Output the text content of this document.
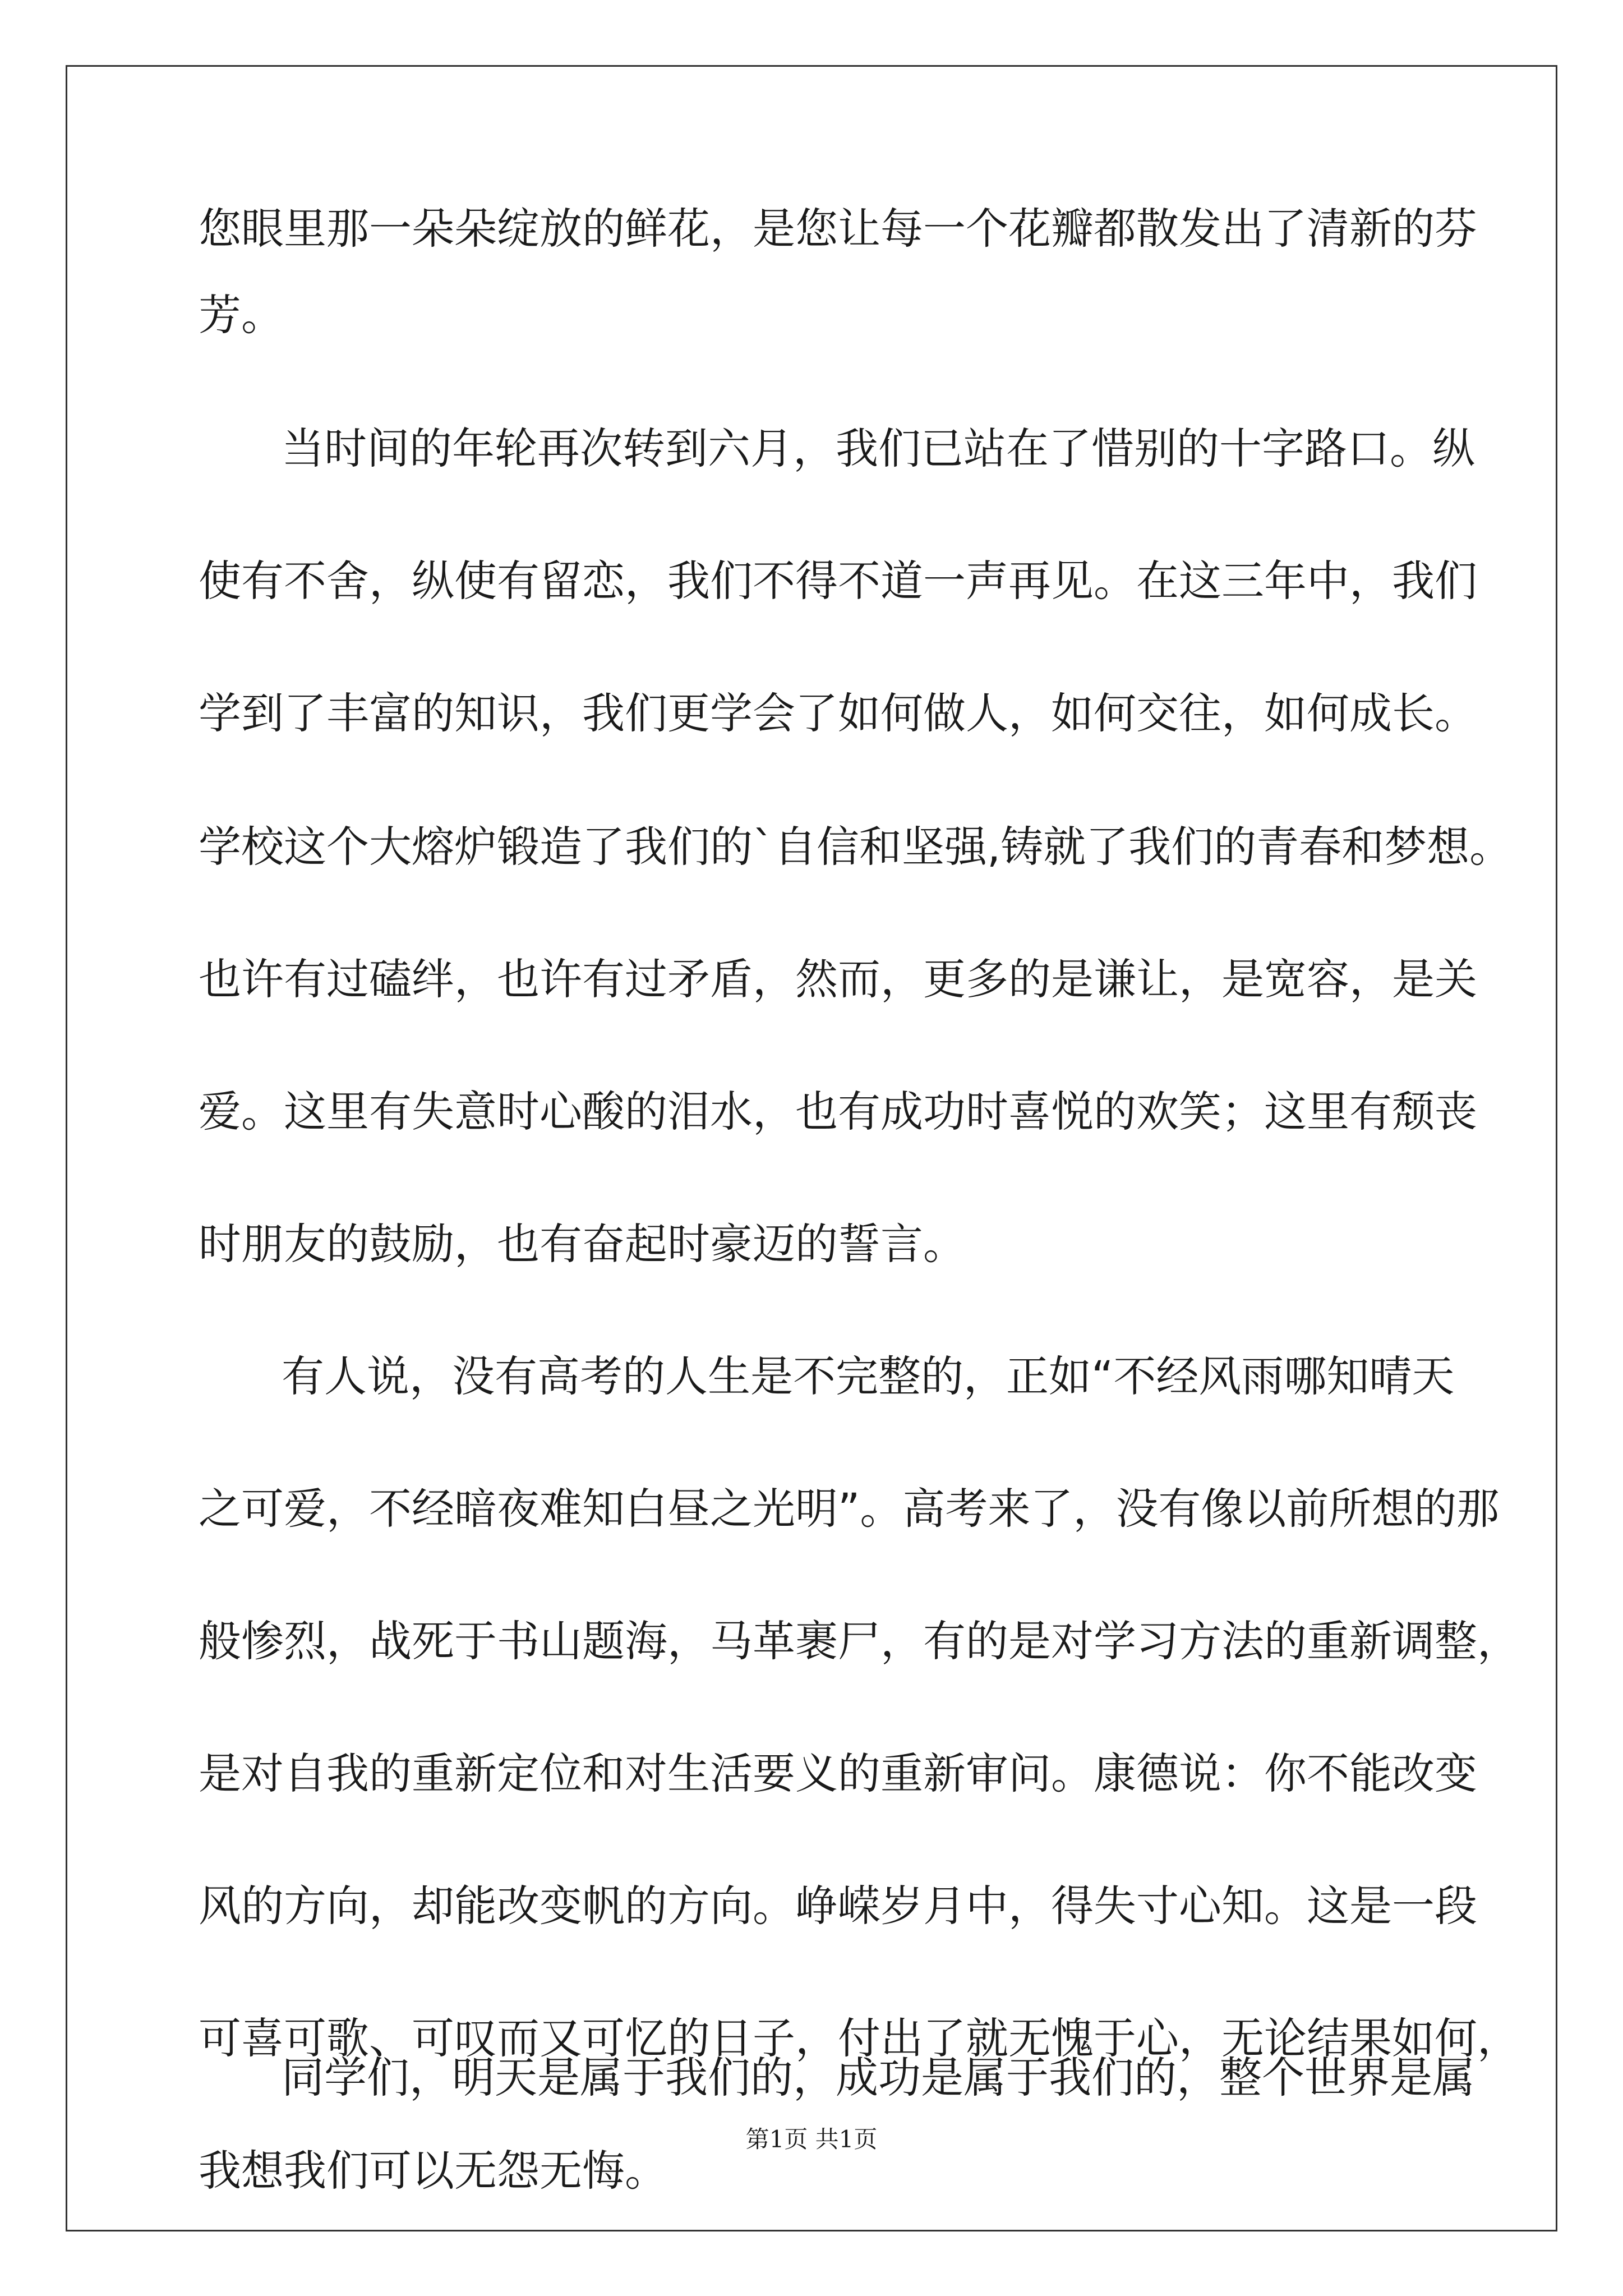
您眼里那一朵朵绽放的鲜花，是您让每一个花瓣都散发出了清新的芬
芳。
当时间的年轮再次转到六月，我们已站在了惜别的十字路口。纵
使有不舍，纵使有留恋，我们不得不道一声再见。在这三年中，我们
学到了丰富的知识，我们更学会了如何做人，如何交往，如何成长。
学校这个大熔炉锻造了我们的`自信和坚强,铸就了我们的青春和梦想。
也许有过磕绊，也许有过矛盾，然而，更多的是谦让，是宽容，是关
爱。这里有失意时心酸的泪水，也有成功时喜悦的欢笑；这里有颓丧
时朋友的鼓励，也有奋起时豪迈的誓言。
有人说，没有高考的人生是不完整的，正如“不经风雨哪知晴天
之可爱，不经暗夜难知白昼之光明”。高考来了，没有像以前所想的那
般惨烈，战死于书山题海，马革裹尸，有的是对学习方法的重新调整，
是对自我的重新定位和对生活要义的重新审问。康德说：你不能改变
风的方向，却能改变帆的方向。峥嵘岁月中，得失寸心知。这是一段
可喜可歌、可叹而又可忆的日子，付出了就无愧于心，无论结果如何，
我想我们可以无怨无悔。
同学们，明天是属于我们的，成功是属于我们的，整个世界是属
第1页 共1页
